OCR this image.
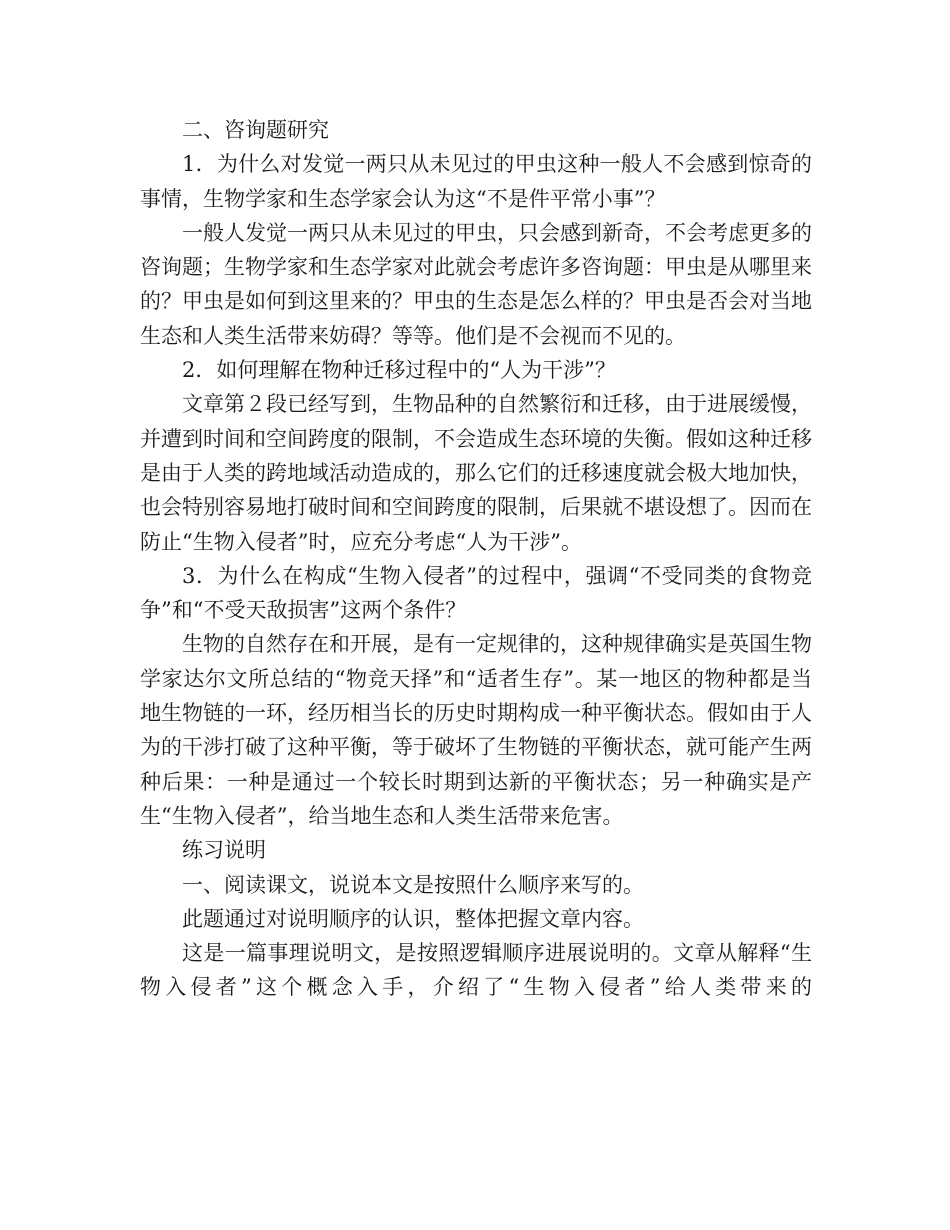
二、咨询题研究

1．为什么对发觉一两只从未见过的甲虫这种一般人不会感到惊奇的事情，生物学家和生态学家会认为这“不是件平常小事”？

一般人发觉一两只从未见过的甲虫，只会感到新奇，不会考虑更多的咨询题；生物学家和生态学家对此就会考虑许多咨询题：甲虫是从哪里来的？甲虫是如何到这里来的？甲虫的生态是怎么样的？甲虫是否会对当地生态和人类生活带来妨碍？等等。他们是不会视而不见的。

2．如何理解在物种迁移过程中的“人为干涉”？

文章第２段已经写到，生物品种的自然繁衍和迁移，由于进展缓慢，并遭到时间和空间跨度的限制，不会造成生态环境的失衡。假如这种迁移是由于人类的跨地域活动造成的，那么它们的迁移速度就会极大地加快，也会特别容易地打破时间和空间跨度的限制，后果就不堪设想了。因而在防止“生物入侵者”时，应充分考虑“人为干涉”。

3．为什么在构成“生物入侵者”的过程中，强调“不受同类的食物竞争”和“不受天敌损害”这两个条件？

生物的自然存在和开展，是有一定规律的，这种规律确实是英国生物学家达尔文所总结的“物竞天择”和“适者生存”。某一地区的物种都是当地生物链的一环，经历相当长的历史时期构成一种平衡状态。假如由于人为的干涉打破了这种平衡，等于破坏了生物链的平衡状态，就可能产生两种后果：一种是通过一个较长时期到达新的平衡状态；另一种确实是产生“生物入侵者”，给当地生态和人类生活带来危害。

练习说明

一、阅读课文，说说本文是按照什么顺序来写的。

此题通过对说明顺序的认识，整体把握文章内容。

这是一篇事理说明文，是按照逻辑顺序进展说明的。文章从解释“生物入侵者”这个概念入手，介绍了“生物入侵者”给人类带来的
